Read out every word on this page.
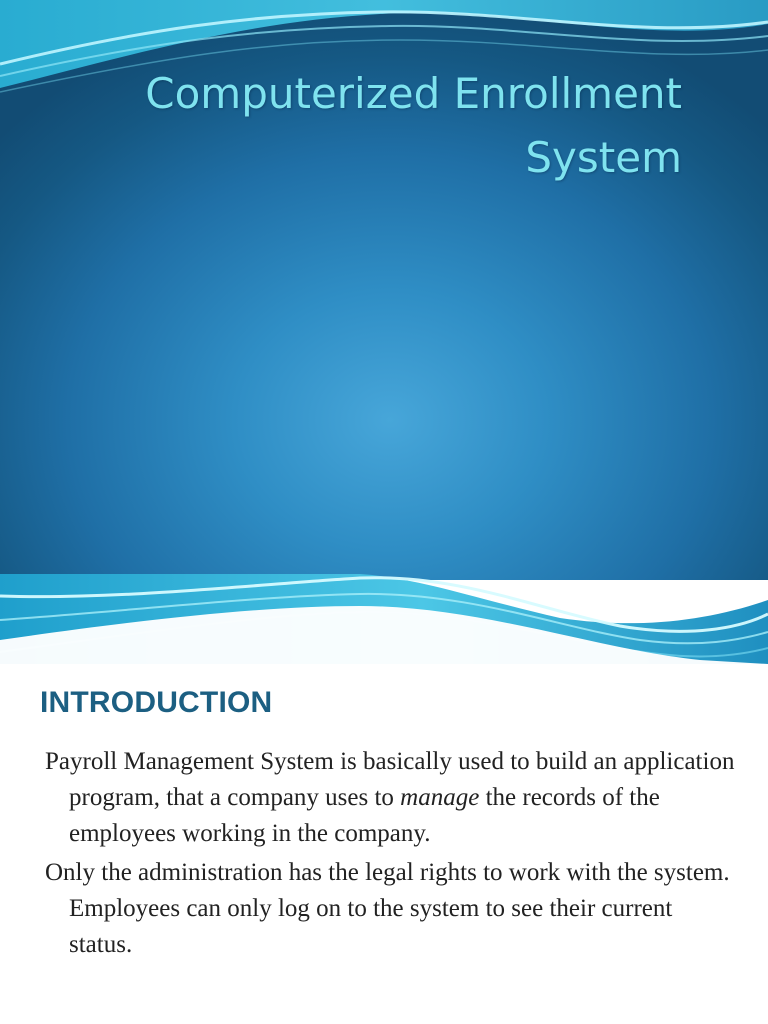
Computerized Enrollment
System
INTRODUCTION
Payroll Management System is basically used to build an application program, that a company uses to manage the records of the employees working in the company.
Only the administration has the legal rights to work with the system. Employees can only log on to the system to see their current status.
